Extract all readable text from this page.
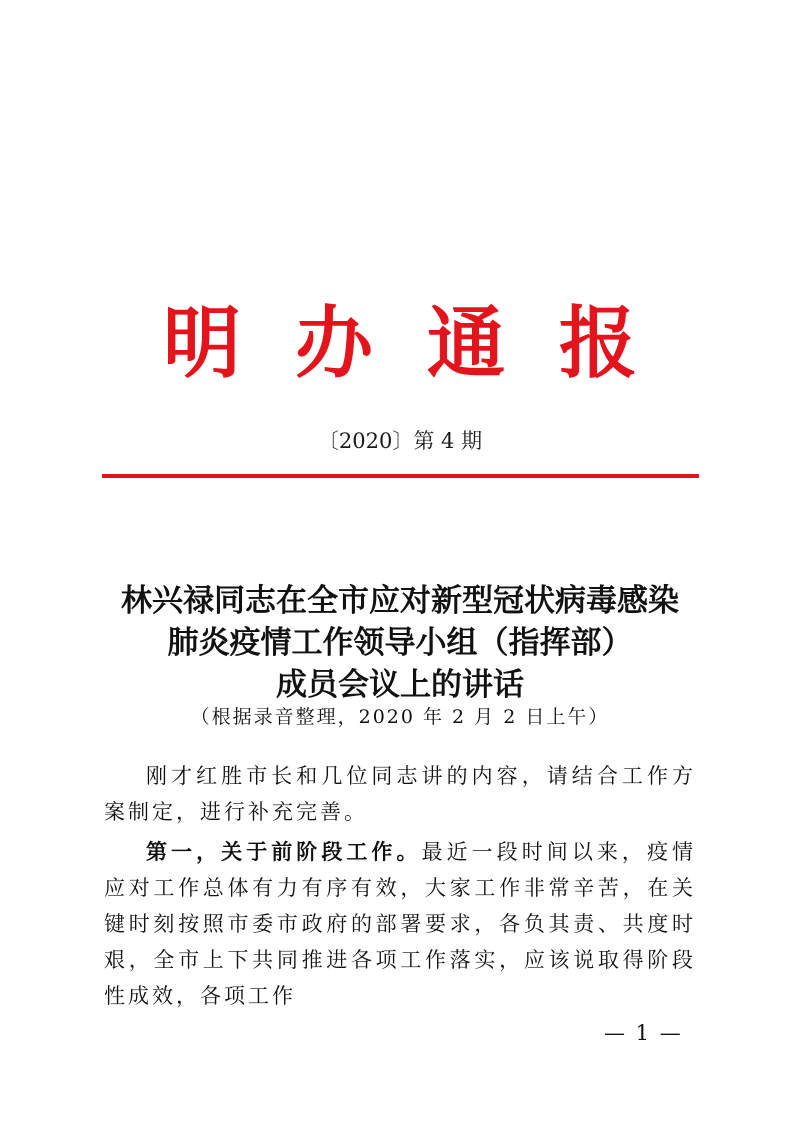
明办通报
〔2020〕第 4 期
林兴禄同志在全市应对新型冠状病毒感染
肺炎疫情工作领导小组（指挥部）
成员会议上的讲话
（根据录音整理，2020 年 2 月 2 日上午）

刚才红胜市长和几位同志讲的内容，请结合工作方案制定，进行补充完善。

第一，关于前阶段工作。最近一段时间以来，疫情应对工作总体有力有序有效，大家工作非常辛苦，在关键时刻按照市委市政府的部署要求，各负其责、共度时艰，全市上下共同推进各项工作落实，应该说取得阶段性成效，各项工作

— 1 —
